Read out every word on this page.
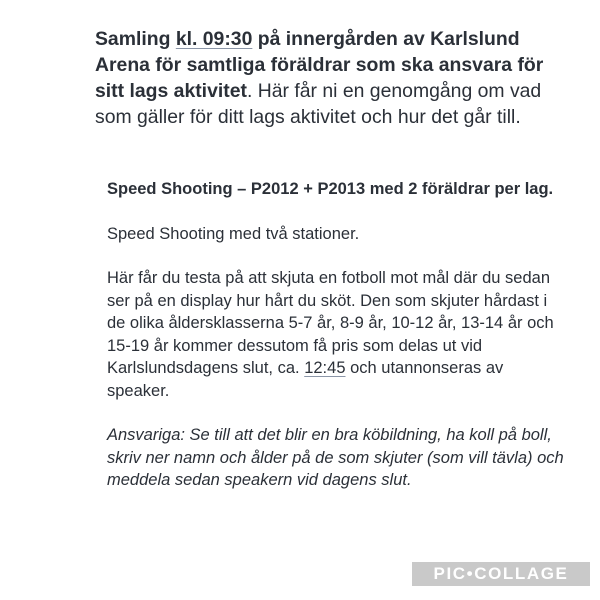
Samling kl. 09:30 på innergården av Karlslund Arena för samtliga föräldrar som ska ansvara för sitt lags aktivitet. Här får ni en genomgång om vad som gäller för ditt lags aktivitet och hur det går till.

Speed Shooting – P2012 + P2013 med 2 föräldrar per lag.

Speed Shooting med två stationer.

Här får du testa på att skjuta en fotboll mot mål där du sedan ser på en display hur hårt du sköt. Den som skjuter hårdast i de olika åldersklasserna 5-7 år, 8-9 år, 10-12 år, 13-14 år och 15-19 år kommer dessutom få pris som delas ut vid Karlslundsdagens slut, ca. 12:45 och utannonseras av speaker.

Ansvariga: Se till att det blir en bra köbildning, ha koll på boll, skriv ner namn och ålder på de som skjuter (som vill tävla) och meddela sedan speakern vid dagens slut.

PIC•COLLAGE
